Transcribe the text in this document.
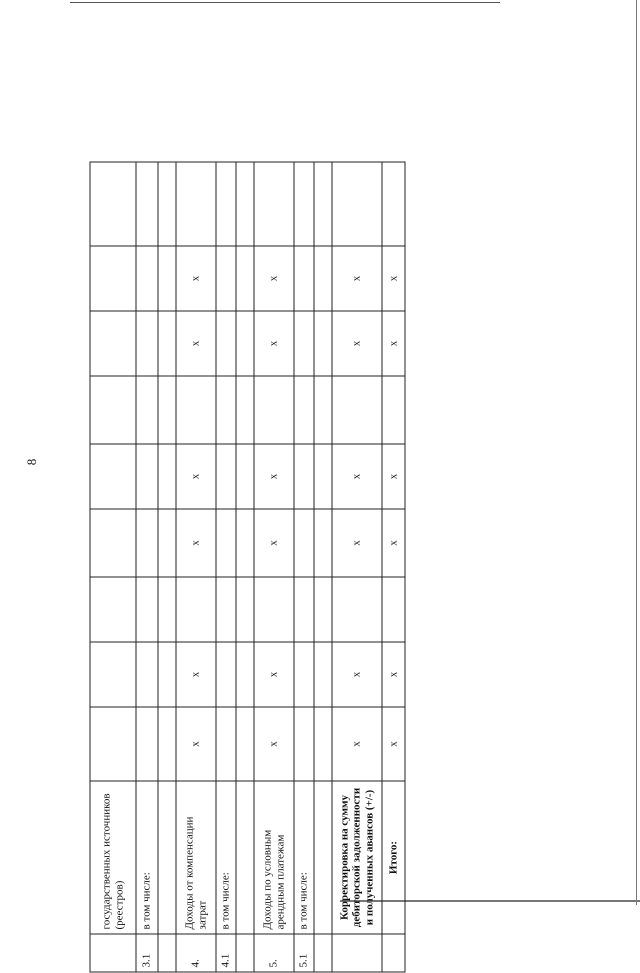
8
	государственных источников (реестров)									
3.1	в том числе:									

4.	Доходы от компенсации затрат	x	x		x	x		x	x	
4.1	в том числе:									

5.	Доходы по условным арендным платежам	x	x		x	x		x	x	
5.1	в том числе:									

	Корректировка на сумму дебиторской задолженности и полученных авансов (+/-)	x	x		x	x		x	x	
	Итого:	x	x		x	x		x	x	
